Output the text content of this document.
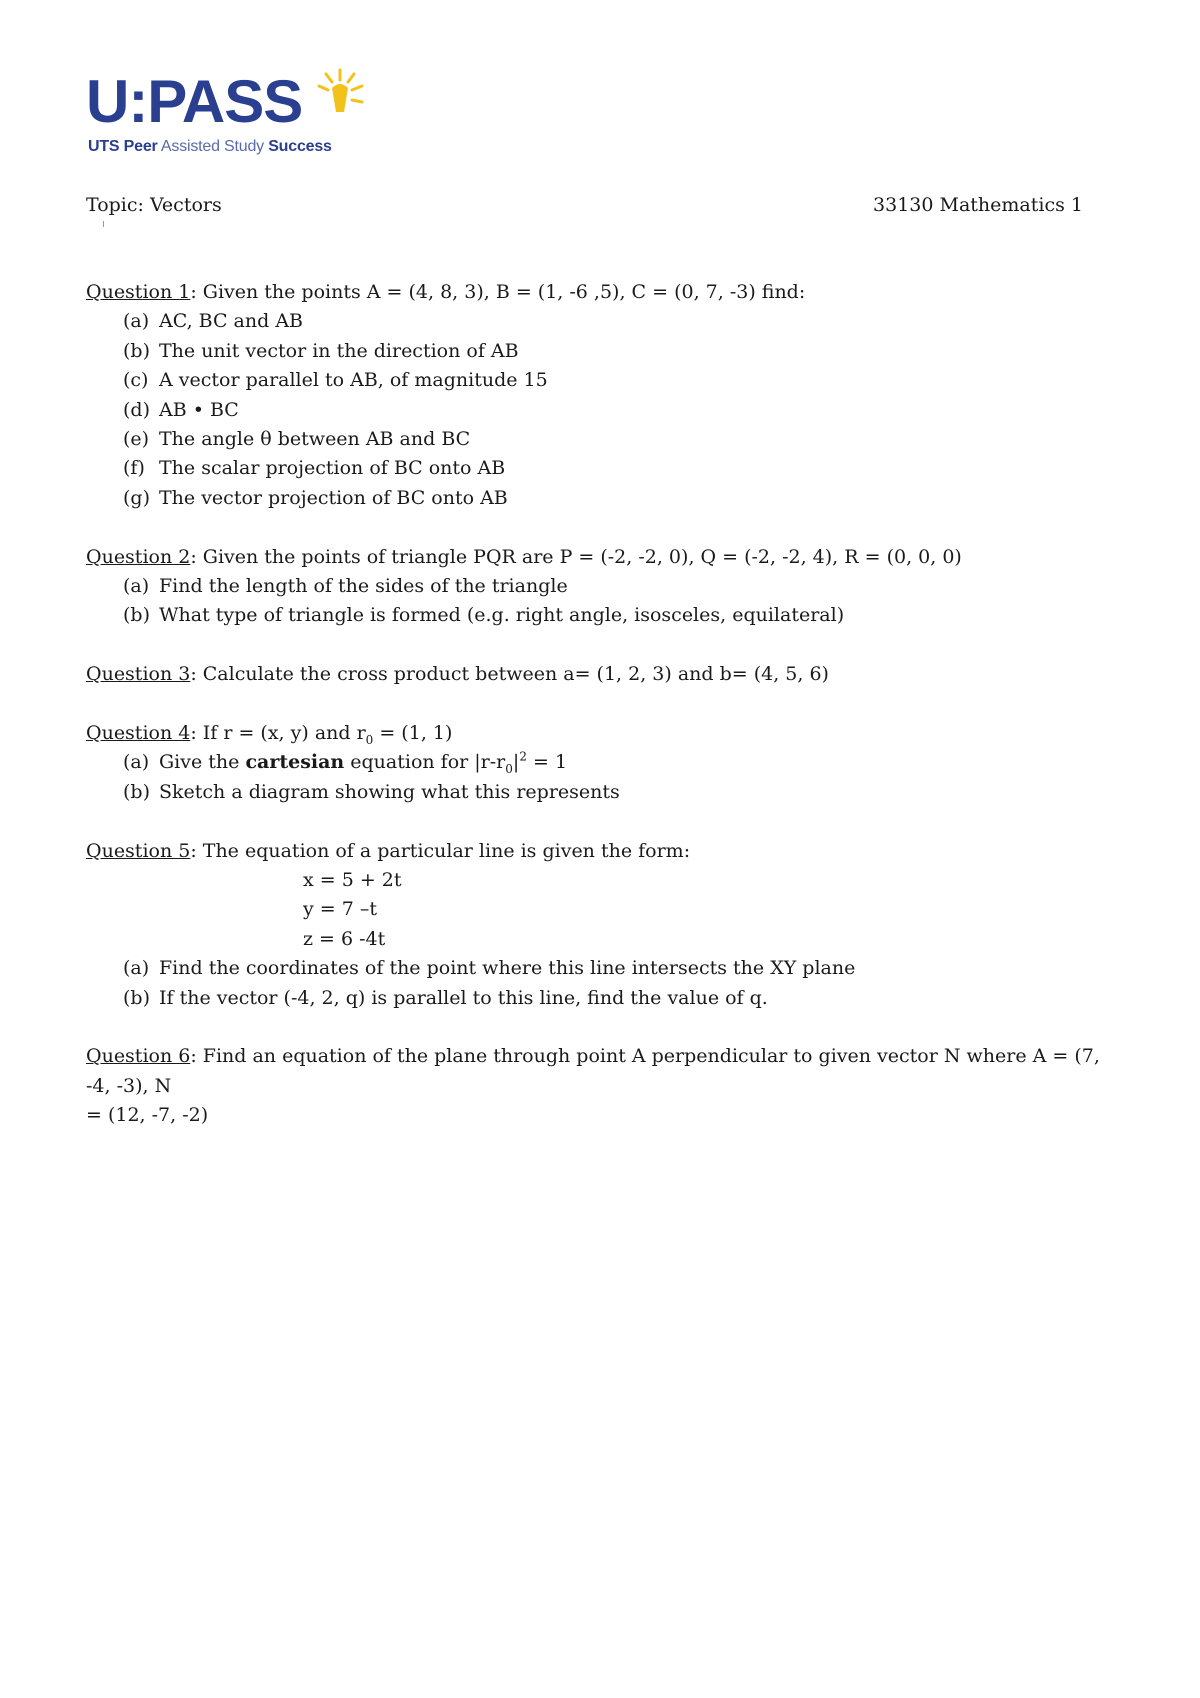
U:PASS
UTS Peer Assisted Study Success
Topic: Vectors	33130 Mathematics 1

Question 1: Given the points A = (4, 8, 3), B = (1, -6 ,5), C = (0, 7, -3) find:

(a) AC, BC and AB
(b) The unit vector in the direction of AB
(c) A vector parallel to AB, of magnitude 15
(d) AB • BC
(e) The angle θ between AB and BC
(f) The scalar projection of BC onto AB
(g) The vector projection of BC onto AB

Question 2: Given the points of triangle PQR are P = (-2, -2, 0), Q = (-2, -2, 4), R = (0, 0, 0)

(a) Find the length of the sides of the triangle
(b) What type of triangle is formed (e.g. right angle, isosceles, equilateral)

Question 3: Calculate the cross product between a= (1, 2, 3) and b= (4, 5, 6)

Question 4: If r = (x, y) and $r_0 = (1$, 1)

(a) Give the cartesian equation for $|r-r_0|^2 = 1$
(b) Sketch a diagram showing what this represents

Question 5: The equation of a particular line is given the form:

x = 5 + 2t
y = 7 –t
z = 6 -4t
(a) Find the coordinates of the point where this line intersects the XY plane
(b) If the vector (-4, 2, q) is parallel to this line, find the value of q.

Question 6: Find an equation of the plane through point A perpendicular to given vector N where A = (7, -4, -3), N

= (12, -7, -2)
